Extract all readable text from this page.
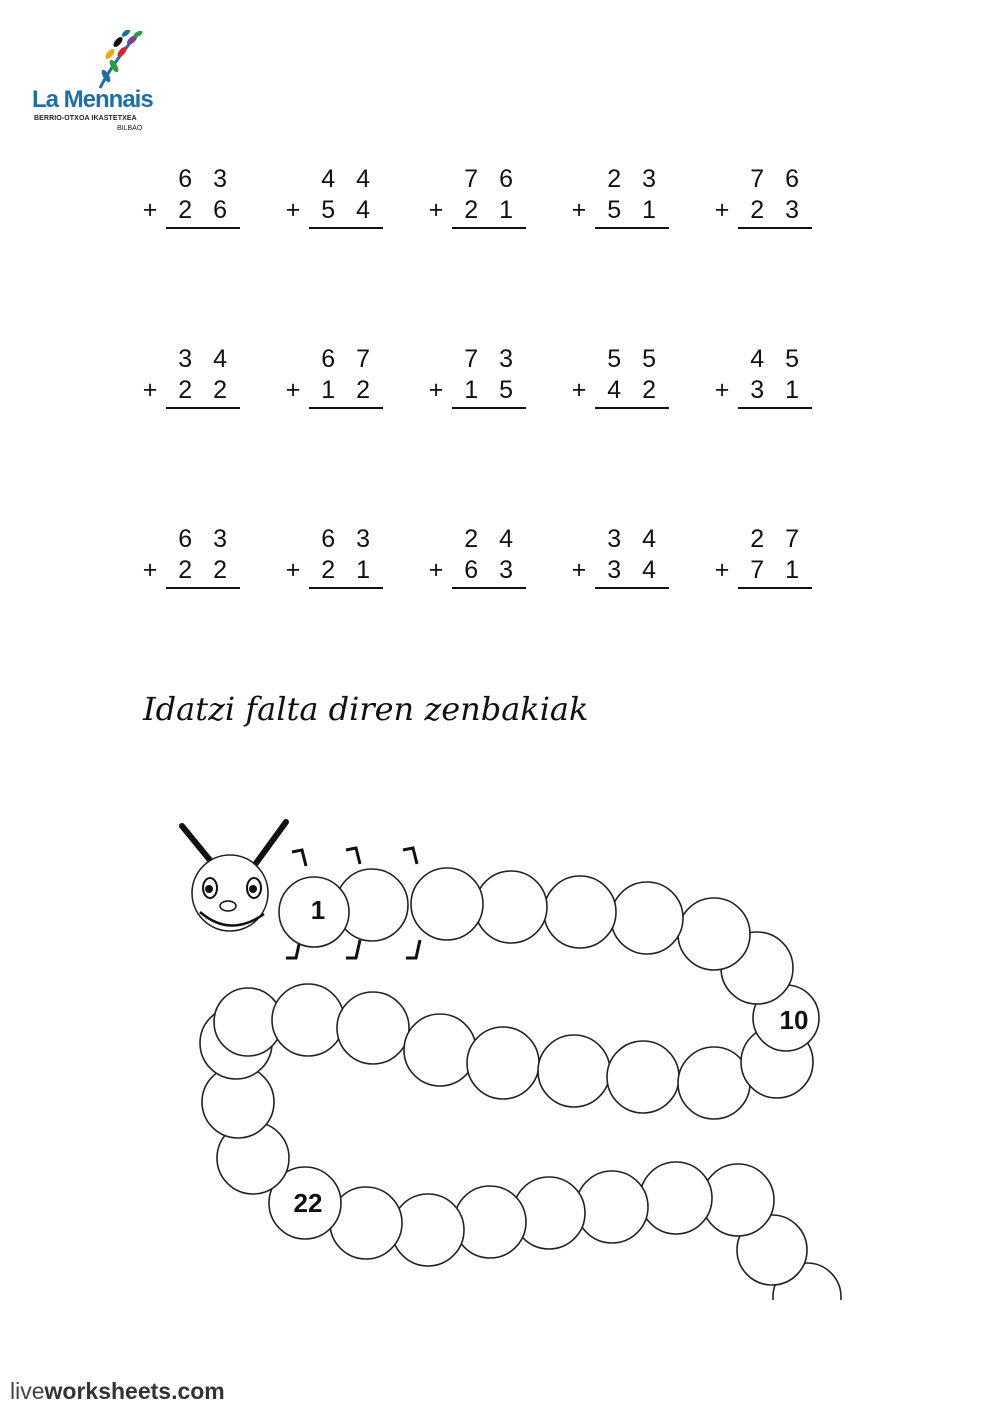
La Mennais
BERRIO-OTXOA IKASTETXEA
BILBAO
6 3
+ 2 6
4 4
+ 5 4
7 6
+ 2 1
2 3
+ 5 1
7 6
+ 2 3
3 4
+ 2 2
6 7
+ 1 2
7 3
+ 1 5
5 5
+ 4 2
4 5
+ 3 1
6 3
+ 2 2
6 3
+ 2 1
2 4
+ 6 3
3 4
+ 3 4
2 7
+ 7 1
Idatzi falta diren zenbakiak
1
10
22
liveworksheets.com
